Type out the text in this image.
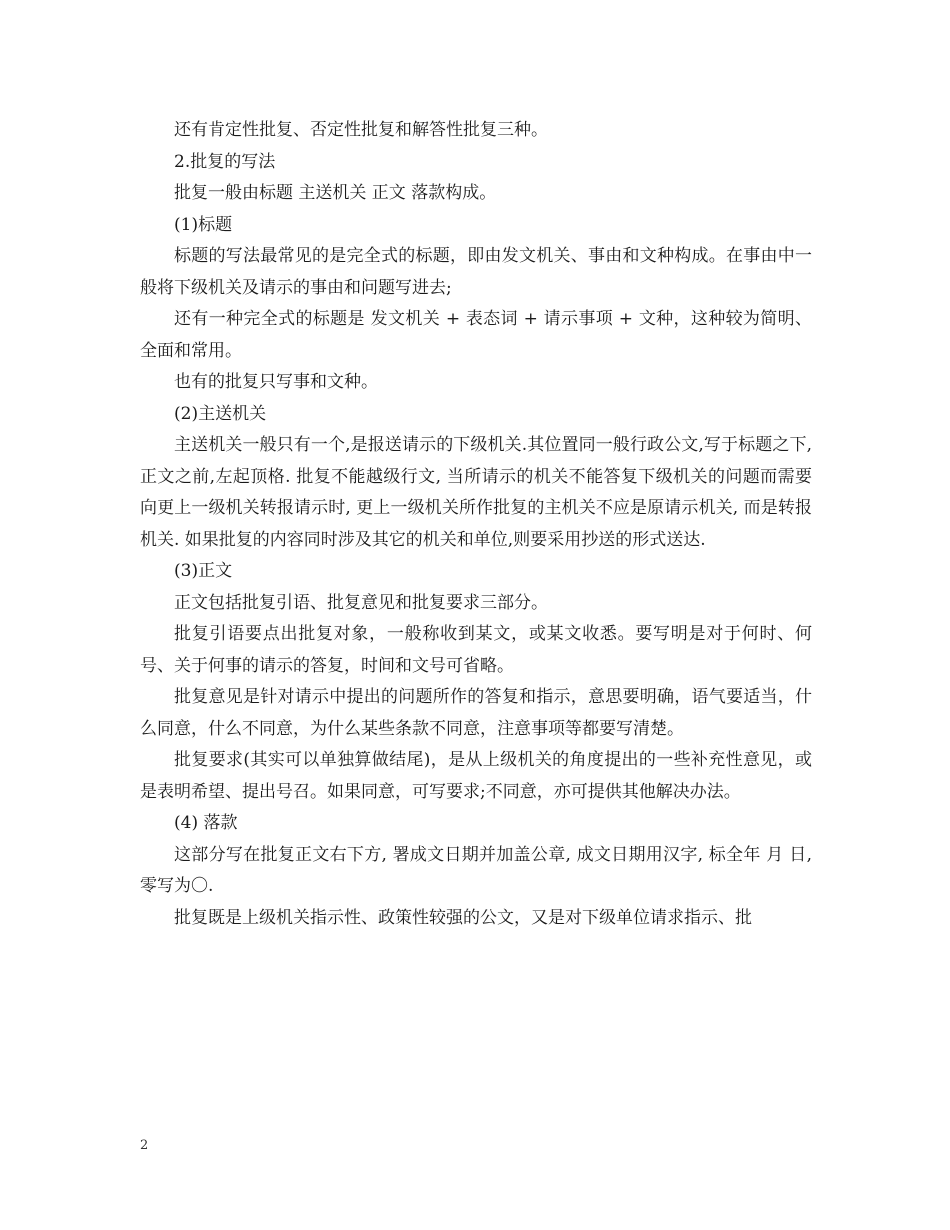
还有肯定性批复、否定性批复和解答性批复三种。

2.批复的写法

批复一般由标题 主送机关 正文 落款构成。

(1)标题

标题的写法最常见的是完全式的标题，即由发文机关、事由和文种构成。在事由中一般将下级机关及请示的事由和问题写进去;

还有一种完全式的标题是 发文机关 + 表态词 + 请示事项 + 文种，这种较为简明、全面和常用。

也有的批复只写事和文种。

(2)主送机关

主送机关一般只有一个,是报送请示的下级机关.其位置同一般行政公文,写于标题之下,正文之前,左起顶格. 批复不能越级行文, 当所请示的机关不能答复下级机关的问题而需要向更上一级机关转报请示时, 更上一级机关所作批复的主机关不应是原请示机关, 而是转报机关. 如果批复的内容同时涉及其它的机关和单位,则要采用抄送的形式送达.

(3)正文

正文包括批复引语、批复意见和批复要求三部分。

批复引语要点出批复对象，一般称收到某文，或某文收悉。要写明是对于何时、何号、关于何事的请示的答复，时间和文号可省略。

批复意见是针对请示中提出的问题所作的答复和指示，意思要明确，语气要适当，什么同意，什么不同意，为什么某些条款不同意，注意事项等都要写清楚。

批复要求(其实可以单独算做结尾)，是从上级机关的角度提出的一些补充性意见，或是表明希望、提出号召。如果同意，可写要求;不同意，亦可提供其他解决办法。

(4) 落款

这部分写在批复正文右下方, 署成文日期并加盖公章, 成文日期用汉字, 标全年 月 日, 零写为〇.

批复既是上级机关指示性、政策性较强的公文，又是对下级单位请求指示、批

2
